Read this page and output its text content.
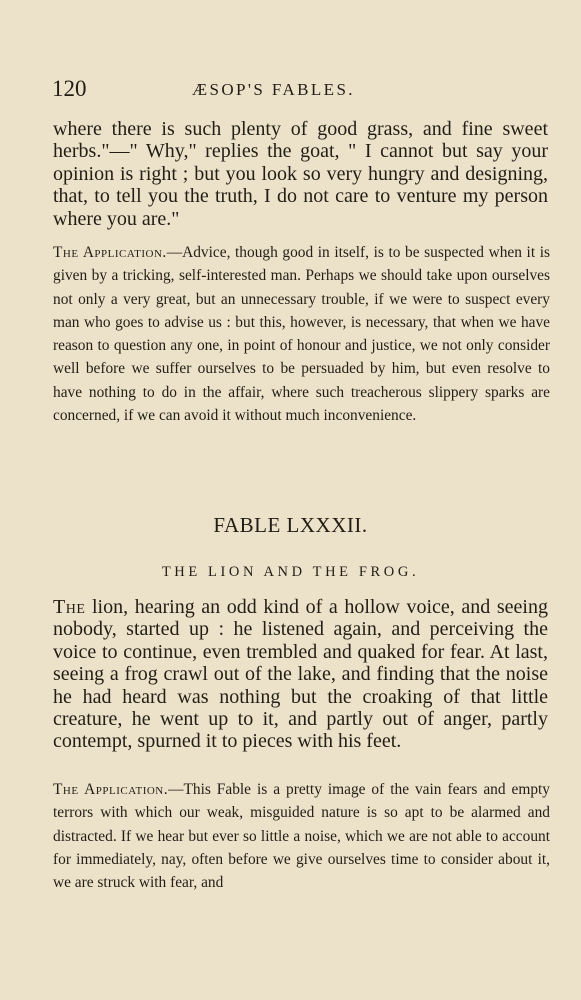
120	ÆSOP'S FABLES.

where there is such plenty of good grass, and fine sweet herbs."—" Why," replies the goat, " I cannot but say your opinion is right ; but you look so very hungry and designing, that, to tell you the truth, I do not care to venture my person where you are."

The Application.—Advice, though good in itself, is to be suspected when it is given by a tricking, self-interested man. Perhaps we should take upon ourselves not only a very great, but an unnecessary trouble, if we were to suspect every man who goes to advise us : but this, however, is necessary, that when we have reason to question any one, in point of honour and justice, we not only consider well before we suffer ourselves to be persuaded by him, but even resolve to have nothing to do in the affair, where such treacherous slippery sparks are concerned, if we can avoid it without much inconvenience.

FABLE LXXXII.
THE LION AND THE FROG.

The lion, hearing an odd kind of a hollow voice, and seeing nobody, started up : he listened again, and perceiving the voice to continue, even trembled and quaked for fear. At last, seeing a frog crawl out of the lake, and finding that the noise he had heard was nothing but the croaking of that little creature, he went up to it, and partly out of anger, partly contempt, spurned it to pieces with his feet.

The Application.—This Fable is a pretty image of the vain fears and empty terrors with which our weak, misguided nature is so apt to be alarmed and distracted. If we hear but ever so little a noise, which we are not able to account for immediately, nay, often before we give ourselves time to consider about it, we are struck with fear, and
